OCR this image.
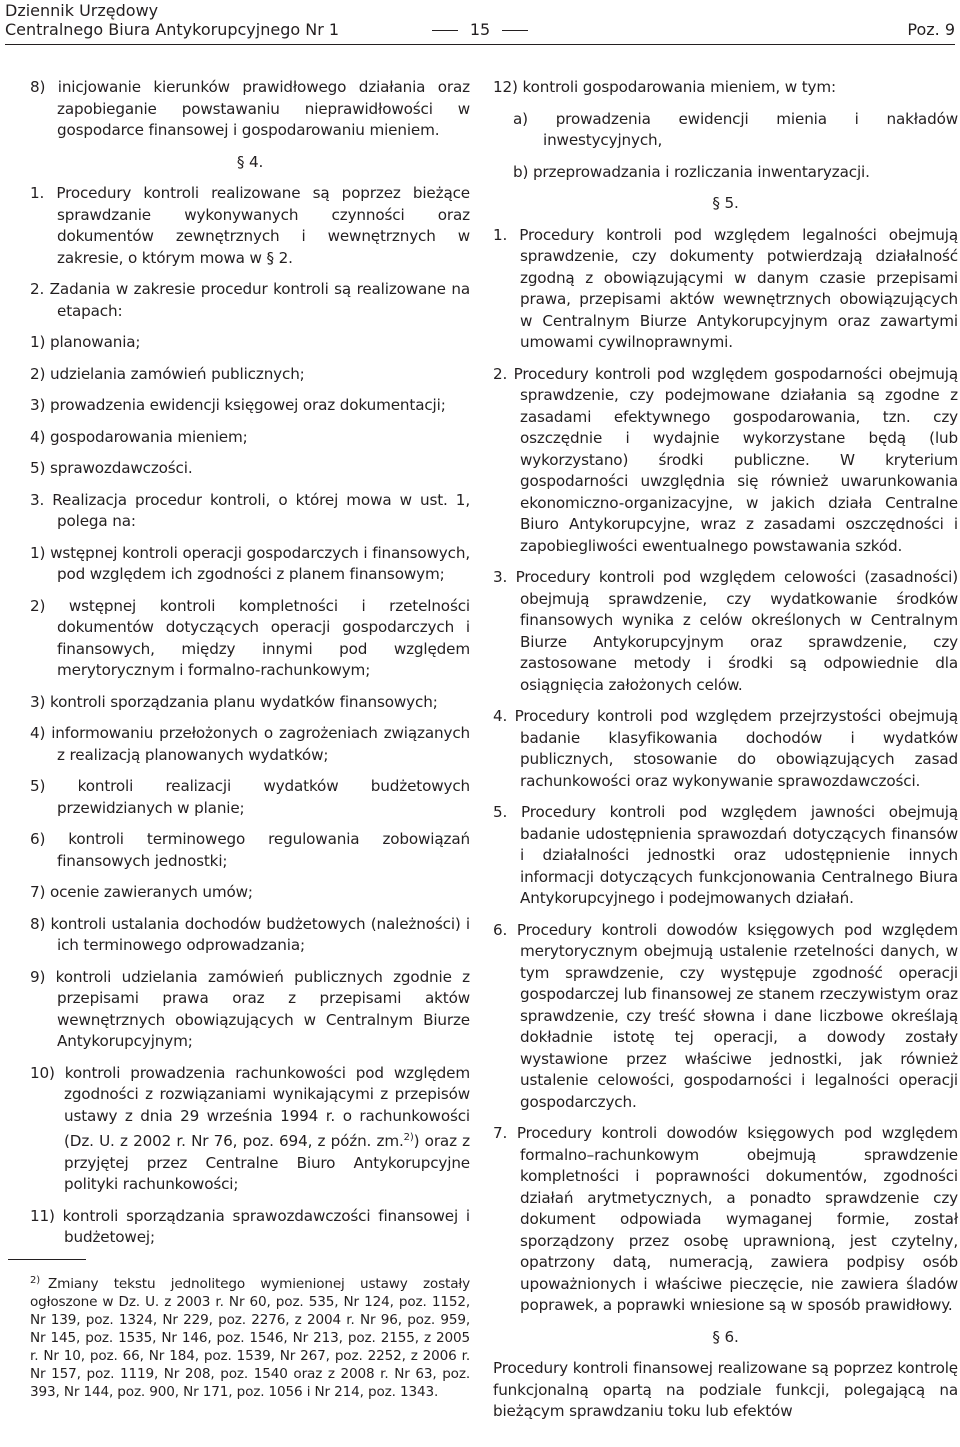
Dziennik Urzędowy
Centralnego Biura Antykorupcyjnego Nr 1	15	Poz. 9

8) inicjowanie kierunków prawidłowego działania oraz zapobieganie powstawaniu nieprawidłowości w gospodarce finansowej i gospodarowaniu mieniem.

§ 4.

1. Procedury kontroli realizowane są poprzez bieżące sprawdzanie wykonywanych czynności oraz dokumentów zewnętrznych i wewnętrznych w zakresie, o którym mowa w § 2.

2. Zadania w zakresie procedur kontroli są realizowane na etapach:

1) planowania;

2) udzielania zamówień publicznych;

3) prowadzenia ewidencji księgowej oraz dokumentacji;

4) gospodarowania mieniem;

5) sprawozdawczości.

3. Realizacja procedur kontroli, o której mowa w ust. 1, polega na:

1) wstępnej kontroli operacji gospodarczych i finansowych, pod względem ich zgodności z planem finansowym;

2) wstępnej kontroli kompletności i rzetelności dokumentów dotyczących operacji gospodarczych i finansowych, między innymi pod względem merytorycznym i formalno-rachunkowym;

3) kontroli sporządzania planu wydatków finansowych;

4) informowaniu przełożonych o zagrożeniach związanych z realizacją planowanych wydatków;

5) kontroli realizacji wydatków budżetowych przewidzianych w planie;

6) kontroli terminowego regulowania zobowiązań finansowych jednostki;

7) ocenie zawieranych umów;

8) kontroli ustalania dochodów budżetowych (należności) i ich terminowego odprowadzania;

9) kontroli udzielania zamówień publicznych zgodnie z przepisami prawa oraz z przepisami aktów wewnętrznych obowiązujących w Centralnym Biurze Antykorupcyjnym;

10) kontroli prowadzenia rachunkowości pod względem zgodności z rozwiązaniami wynikającymi z przepisów ustawy z dnia 29 września 1994 r. o rachunkowości (Dz. U. z 2002 r. Nr 76, poz. 694, z późn. zm.$^{2)}$) oraz z przyjętej przez Centralne Biuro Antykorupcyjne polityki rachunkowości;

11) kontroli sporządzania sprawozdawczości finansowej i budżetowej;

$^{2)}$ Zmiany tekstu jednolitego wymienionej ustawy zostały ogłoszone w Dz. U. z 2003 r. Nr 60, poz. 535, Nr 124, poz. 1152, Nr 139, poz. 1324, Nr 229, poz. 2276, z 2004 r. Nr 96, poz. 959, Nr 145, poz. 1535, Nr 146, poz. 1546, Nr 213, poz. 2155, z 2005 r. Nr 10, poz. 66, Nr 184, poz. 1539, Nr 267, poz. 2252, z 2006 r. Nr 157, poz. 1119, Nr 208, poz. 1540 oraz z 2008 r. Nr 63, poz. 393, Nr 144, poz. 900, Nr 171, poz. 1056 i Nr 214, poz. 1343.

12) kontroli gospodarowania mieniem, w tym:

a) prowadzenia ewidencji mienia i nakładów inwestycyjnych,

b) przeprowadzania i rozliczania inwentaryzacji.

§ 5.

1. Procedury kontroli pod względem legalności obejmują sprawdzenie, czy dokumenty potwierdzają działalność zgodną z obowiązującymi w danym czasie przepisami prawa, przepisami aktów wewnętrznych obowiązujących w Centralnym Biurze Antykorupcyjnym oraz zawartymi umowami cywilnoprawnymi.

2. Procedury kontroli pod względem gospodarności obejmują sprawdzenie, czy podejmowane działania są zgodne z zasadami efektywnego gospodarowania, tzn. czy oszczędnie i wydajnie wykorzystane będą (lub wykorzystano) środki publiczne. W kryterium gospodarności uwzględnia się również uwarunkowania ekonomiczno-organizacyjne, w jakich działa Centralne Biuro Antykorupcyjne, wraz z zasadami oszczędności i zapobiegliwości ewentualnego powstawania szkód.

3. Procedury kontroli pod względem celowości (zasadności) obejmują sprawdzenie, czy wydatkowanie środków finansowych wynika z celów określonych w Centralnym Biurze Antykorupcyjnym oraz sprawdzenie, czy zastosowane metody i środki są odpowiednie dla osiągnięcia założonych celów.

4. Procedury kontroli pod względem przejrzystości obejmują badanie klasyfikowania dochodów i wydatków publicznych, stosowanie do obowiązujących zasad rachunkowości oraz wykonywanie sprawozdawczości.

5. Procedury kontroli pod względem jawności obejmują badanie udostępnienia sprawozdań dotyczących finansów i działalności jednostki oraz udostępnienie innych informacji dotyczących funkcjonowania Centralnego Biura Antykorupcyjnego i podejmowanych działań.

6. Procedury kontroli dowodów księgowych pod względem merytorycznym obejmują ustalenie rzetelności danych, w tym sprawdzenie, czy występuje zgodność operacji gospodarczej lub finansowej ze stanem rzeczywistym oraz sprawdzenie, czy treść słowna i dane liczbowe określają dokładnie istotę tej operacji, a dowody zostały wystawione przez właściwe jednostki, jak również ustalenie celowości, gospodarności i legalności operacji gospodarczych.

7. Procedury kontroli dowodów księgowych pod względem formalno–rachunkowym obejmują sprawdzenie kompletności i poprawności dokumentów, zgodności działań arytmetycznych, a ponadto sprawdzenie czy dokument odpowiada wymaganej formie, został sporządzony przez osobę uprawnioną, jest czytelny, opatrzony datą, numeracją, zawiera podpisy osób upoważnionych i właściwe pieczęcie, nie zawiera śladów poprawek, a poprawki wniesione są w sposób prawidłowy.

§ 6.

Procedury kontroli finansowej realizowane są poprzez kontrolę funkcjonalną opartą na podziale funkcji, polegającą na bieżącym sprawdzaniu toku lub efektów
